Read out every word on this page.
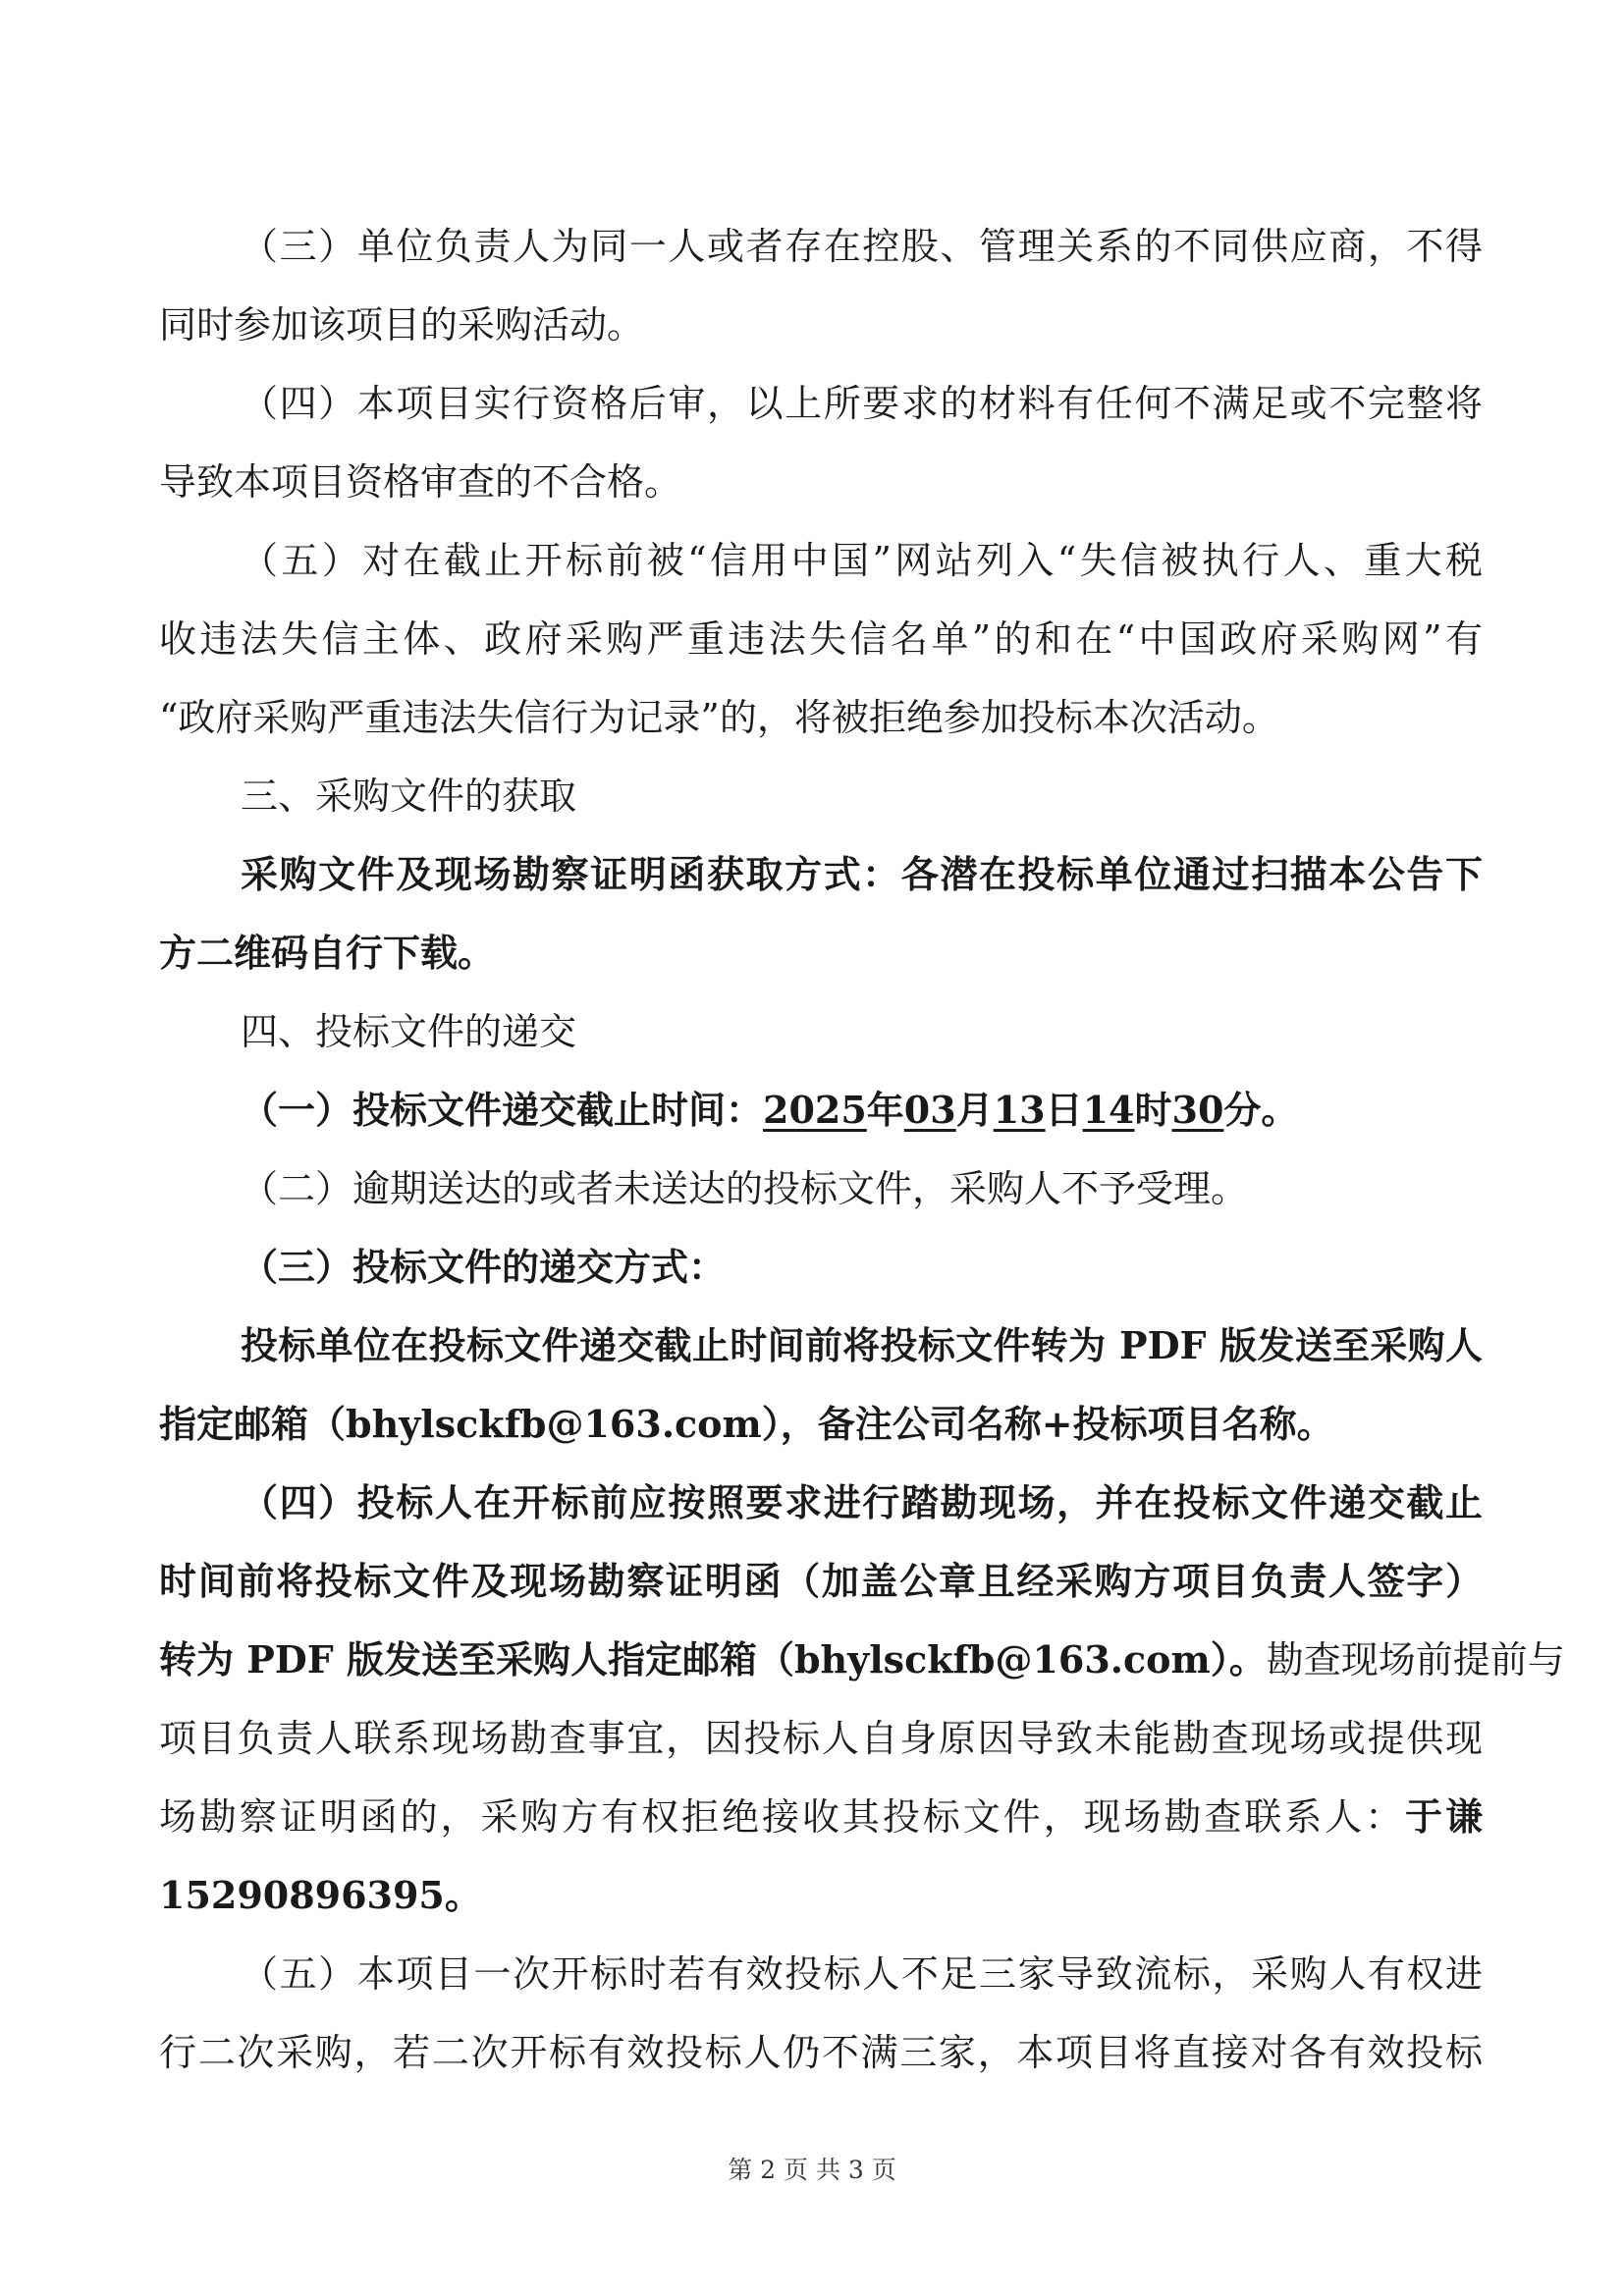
（三）单位负责人为同一人或者存在控股、管理关系的不同供应商，不得
同时参加该项目的采购活动。
（四）本项目实行资格后审，以上所要求的材料有任何不满足或不完整将
导致本项目资格审查的不合格。
（五）对在截止开标前被“信用中国”网站列入“失信被执行人、重大税
收违法失信主体、政府采购严重违法失信名单”的和在“中国政府采购网”有
“政府采购严重违法失信行为记录”的，将被拒绝参加投标本次活动。
三、采购文件的获取
采购文件及现场勘察证明函获取方式：各潜在投标单位通过扫描本公告下
方二维码自行下载。
四、投标文件的递交
（一）投标文件递交截止时间：2025年03月13日14时30分。
（二）逾期送达的或者未送达的投标文件，采购人不予受理。
（三）投标文件的递交方式：
投标单位在投标文件递交截止时间前将投标文件转为 PDF 版发送至采购人
指定邮箱（bhylsckfb@163.com），备注公司名称+投标项目名称。
（四）投标人在开标前应按照要求进行踏勘现场，并在投标文件递交截止
时间前将投标文件及现场勘察证明函（加盖公章且经采购方项目负责人签字）
转为 PDF 版发送至采购人指定邮箱（bhylsckfb@163.com）。勘查现场前提前与
项目负责人联系现场勘查事宜，因投标人自身原因导致未能勘查现场或提供现
场勘察证明函的，采购方有权拒绝接收其投标文件，现场勘查联系人：于谦
15290896395。
（五）本项目一次开标时若有效投标人不足三家导致流标，采购人有权进
行二次采购，若二次开标有效投标人仍不满三家，本项目将直接对各有效投标
第 2 页 共 3 页
